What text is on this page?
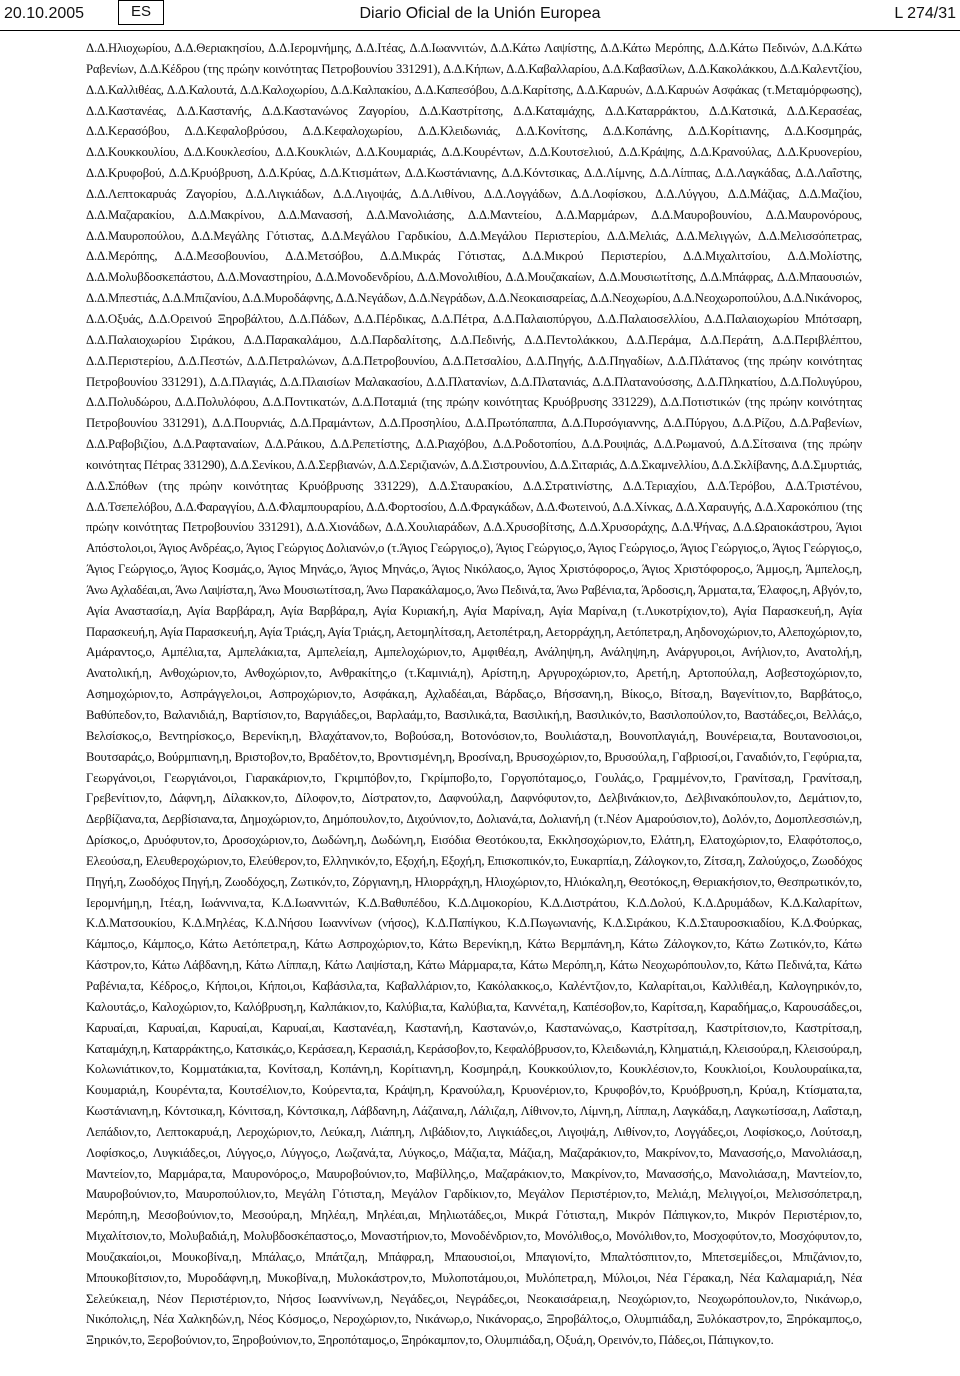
20.10.2005	ES	Diario Oficial de la Unión Europea	L 274/31
Δ.Δ.Ηλιοχωρίου, Δ.Δ.Θεριακησίου, Δ.Δ.Ιερομνήμης, Δ.Δ.Ιτέας, Δ.Δ.Ιωαννιτών, Δ.Δ.Κάτω Λαψίστης, Δ.Δ.Κάτω Μερόπης, Δ.Δ.Κάτω Πεδινών, Δ.Δ.Κάτω Ραβενίων, Δ.Δ.Κέδρου (της πρώην κοινότητας Πετροβουνίου 331291), Δ.Δ.Κήπων, Δ.Δ.Καβαλλαρίου, Δ.Δ.Καβασίλων, Δ.Δ.Κακολάκκου, Δ.Δ.Καλεντζίου, Δ.Δ.Καλλιθέας, Δ.Δ.Καλουτά, Δ.Δ.Καλοχωρίου, Δ.Δ.Καλπακίου, Δ.Δ.Καπεσόβου, Δ.Δ.Καρίτσης, Δ.Δ.Καρυών, Δ.Δ.Καρυών Ασφάκας (τ.Μεταμόρφωσης), Δ.Δ.Καστανέας, Δ.Δ.Καστανής, Δ.Δ.Καστανώνος Ζαγορίου, Δ.Δ.Καστρίτσης, Δ.Δ.Καταμάχης, Δ.Δ.Καταρράκτου, Δ.Δ.Κατσικά, Δ.Δ.Κερασέας, Δ.Δ.Κερασόβου, Δ.Δ.Κεφαλοβρύσου, Δ.Δ.Κεφαλοχωρίου, Δ.Δ.Κλειδωνιάς, Δ.Δ.Κονίτσης, Δ.Δ.Κοπάνης, Δ.Δ.Κορίτιανης, Δ.Δ.Κοσμηράς, Δ.Δ.Κουκκουλίου, Δ.Δ.Κουκλεσίου, Δ.Δ.Κουκλιών, Δ.Δ.Κουμαριάς, Δ.Δ.Κουρέντων, Δ.Δ.Κουτσελιού, Δ.Δ.Κράψης, Δ.Δ.Κρανούλας, Δ.Δ.Κρυονερίου, Δ.Δ.Κρυφοβού, Δ.Δ.Κρυόβρυση, Δ.Δ.Κρύας, Δ.Δ.Κτισμάτων, Δ.Δ.Κωστάνιανης, Δ.Δ.Κόντσικας, Δ.Δ.Λίμνης, Δ.Δ.Λίππας, Δ.Δ.Λαγκάδας, Δ.Δ.Λαΐστης, Δ.Δ.Λεπτοκαρυάς Ζαγορίου, Δ.Δ.Λιγκιάδων, Δ.Δ.Λιγοψάς, Δ.Δ.Λιθίνου, Δ.Δ.Λογγάδων, Δ.Δ.Λοφίσκου, Δ.Δ.Λύγγου, Δ.Δ.Μάζιας, Δ.Δ.Μαζίου, Δ.Δ.Μαζαρακίου, Δ.Δ.Μακρίνου, Δ.Δ.Μανασσή, Δ.Δ.Μανολιάσης, Δ.Δ.Μαντείου, Δ.Δ.Μαρμάρων, Δ.Δ.Μαυροβουνίου, Δ.Δ.Μαυρονόρους, Δ.Δ.Μαυροπούλου, Δ.Δ.Μεγάλης Γότιστας, Δ.Δ.Μεγάλου Γαρδικίου, Δ.Δ.Μεγάλου Περιστερίου, Δ.Δ.Μελιάς, Δ.Δ.Μελιγγών, Δ.Δ.Μελισσόπετρας, Δ.Δ.Μερόπης, Δ.Δ.Μεσοβουνίου, Δ.Δ.Μετσόβου, Δ.Δ.Μικράς Γότιστας, Δ.Δ.Μικρού Περιστερίου, Δ.Δ.Μιχαλιτσίου, Δ.Δ.Μολίστης, Δ.Δ.Μολυβδοσκεπάστου, Δ.Δ.Μοναστηρίου, Δ.Δ.Μονοδενδρίου, Δ.Δ.Μονολιθίου, Δ.Δ.Μουζακαίων, Δ.Δ.Μουσιωτίτσης, Δ.Δ.Μπάφρας, Δ.Δ.Μπαουσιών, Δ.Δ.Μπεστιάς, Δ.Δ.Μπιζανίου, Δ.Δ.Μυροδάφνης, Δ.Δ.Νεγάδων, Δ.Δ.Νεγράδων, Δ.Δ.Νεοκαισαρείας, Δ.Δ.Νεοχωρίου, Δ.Δ.Νεοχωροπούλου, Δ.Δ.Νικάνορος, Δ.Δ.Οξυάς, Δ.Δ.Ορεινού Ξηροβάλτου, Δ.Δ.Πάδων, Δ.Δ.Πέρδικας, Δ.Δ.Πέτρα, Δ.Δ.Παλαιοπύργου, Δ.Δ.Παλαιοσελλίου, Δ.Δ.Παλαιοχωρίου Μπότσαρη, Δ.Δ.Παλαιοχωρίου Σιράκου, Δ.Δ.Παρακαλάμου, Δ.Δ.Παρδαλίτσης, Δ.Δ.Πεδινής, Δ.Δ.Πεντολάκκου, Δ.Δ.Περάμα, Δ.Δ.Περάτη, Δ.Δ.Περιβλέπτου, Δ.Δ.Περιστερίου, Δ.Δ.Πεστών, Δ.Δ.Πετραλώνων, Δ.Δ.Πετροβουνίου, Δ.Δ.Πετσαλίου, Δ.Δ.Πηγής, Δ.Δ.Πηγαδίων, Δ.Δ.Πλάτανος (της πρώην κοινότητας Πετροβουνίου 331291), Δ.Δ.Πλαγιάς, Δ.Δ.Πλαισίων Μαλακασίου, Δ.Δ.Πλατανίων, Δ.Δ.Πλατανιάς, Δ.Δ.Πλατανούσσης, Δ.Δ.Πληκατίου, Δ.Δ.Πολυγύρου, Δ.Δ.Πολυδώρου, Δ.Δ.Πολυλόφου, Δ.Δ.Ποντικατών, Δ.Δ.Ποταμιά (της πρώην κοινότητας Κρυόβρυσης 331229), Δ.Δ.Ποτιστικών (της πρώην κοινότητας Πετροβουνίου 331291), Δ.Δ.Πουρνιάς, Δ.Δ.Πραμάντων, Δ.Δ.Προσηλίου, Δ.Δ.Πρωτόπαππα, Δ.Δ.Πυρσόγιαννης, Δ.Δ.Πύργου, Δ.Δ.Ρίζου, Δ.Δ.Ραβενίων, Δ.Δ.Ραβοβιζίου, Δ.Δ.Ραφταναίων, Δ.Δ.Ράικου, Δ.Δ.Ρεπετίστης, Δ.Δ.Ριαχόβου, Δ.Δ.Ροδοτοπίου, Δ.Δ.Ρουψιάς, Δ.Δ.Ρωμανού, Δ.Δ.Σίτσαινα (της πρώην κοινότητας Πέτρας 331290), Δ.Δ.Σενίκου, Δ.Δ.Σερβιανών, Δ.Δ.Σεριζιανών, Δ.Δ.Σιστρουνίου, Δ.Δ.Σιταριάς, Δ.Δ.Σκαμνελλίου, Δ.Δ.Σκλίβανης, Δ.Δ.Σμυρτιάς, Δ.Δ.Σπόθων (της πρώην κοινότητας Κρυόβρυσης 331229), Δ.Δ.Σταυρακίου, Δ.Δ.Στρατινίστης, Δ.Δ.Τεριαχίου, Δ.Δ.Τερόβου, Δ.Δ.Τριστένου, Δ.Δ.Τσεπελόβου, Δ.Δ.Φαραγγίου, Δ.Δ.Φλαμπουραρίου, Δ.Δ.Φορτοσίου, Δ.Δ.Φραγκάδων, Δ.Δ.Φωτεινού, Δ.Δ.Χίνκας, Δ.Δ.Χαραυγής, Δ.Δ.Χαροκόπιου (της πρώην κοινότητας Πετροβουνίου 331291), Δ.Δ.Χιονάδων, Δ.Δ.Χουλιαράδων, Δ.Δ.Χρυσοβίτσης, Δ.Δ.Χρυσοράχης, Δ.Δ.Ψήνας, Δ.Δ.Ωραιοκάστρου, Άγιοι Απόστολοι,οι, Άγιος Ανδρέας,ο, Άγιος Γεώργιος Δολιανών,ο (τ.Άγιος Γεώργιος,ο), Άγιος Γεώργιος,ο, Άγιος Γεώργιος,ο, Άγιος Γεώργιος,ο, Άγιος Γεώργιος,ο, Άγιος Γεώργιος,ο, Άγιος Κοσμάς,ο, Άγιος Μηνάς,ο, Άγιος Μηνάς,ο, Άγιος Νικόλαος,ο, Άγιος Χριστόφορος,ο, Άγιος Χριστόφορος,ο, Άμμος,η, Άμπελος,η, Άνω Αχλαδέαι,αι, Άνω Λαψίστα,η, Άνω Μουσιωτίτσα,η, Άνω Παρακάλαμος,ο, Άνω Πεδινά,τα, Άνω Ραβένια,τα, Άρδοσις,η, Άρματα,τα, Έλαφος,η, Αβγόν,το, Αγία Αναστασία,η, Αγία Βαρβάρα,η, Αγία Βαρβάρα,η, Αγία Κυριακή,η, Αγία Μαρίνα,η, Αγία Μαρίνα,η (τ.Λυκοτρίχιον,το), Αγία Παρασκευή,η, Αγία Παρασκευή,η, Αγία Παρασκευή,η, Αγία Τριάς,η, Αγία Τριάς,η, Αετομηλίτσα,η, Αετοπέτρα,η, Αετορράχη,η, Αετόπετρα,η, Αηδονοχώριον,το, Αλεποχώριον,το, Αμάραντος,ο, Αμπέλια,τα, Αμπελάκια,τα, Αμπελεία,η, Αμπελοχώριον,το, Αμφιθέα,η, Ανάληψη,η, Ανάληψη,η, Ανάργυροι,οι, Ανήλιον,το, Ανατολή,η, Ανατολική,η, Ανθοχώριον,το, Ανθοχώριον,το, Ανθρακίτης,ο (τ.Καμινιά,η), Αρίστη,η, Αργυροχώριον,το, Αρετή,η, Αρτοπούλα,η, Ασβεστοχώριον,το, Ασημοχώριον,το, Ασπράγγελοι,οι, Ασπροχώριον,το, Ασφάκα,η, Αχλαδέαι,αι, Βάρδας,ο, Βήσσανη,η, Βίκος,ο, Βίτσα,η, Βαγενίτιον,το, Βαρβάτος,ο, Βαθύπεδον,το, Βαλανιδιά,η, Βαρτίσιον,το, Βαργιάδες,οι, Βαρλαάμ,το, Βασιλικά,τα, Βασιλική,η, Βασιλικόν,το, Βασιλοπούλον,το, Βαστάδες,οι, Βελλάς,ο, Βελσίσκος,ο, Βεντηρίσκος,ο, Βερενίκη,η, Βλαχάτανον,το, Βοβούσα,η, Βοτονόσιον,το, Βουλιάστα,η, Βουνοπλαγιά,η, Βουνέρεια,τα, Βουτανοσιοι,οι, Βουτσαράς,ο, Βούρμπιανη,η, Βριστοβον,το, Βραδέτον,το, Βροντισμένη,η, Βροσίνα,η, Βρυσοχώριον,το, Βρυσούλα,η, Γαβριοσί,οι, Γαναδιόν,το, Γεφύρια,τα, Γεωργάνοι,οι, Γεωργιάνοι,οι, Γιαρακάριον,το, Γκριμπόβον,το, Γκρίμποβο,το, Γοργοπόταμος,ο, Γουλάς,ο, Γραμμένον,το, Γρανίτσα,η, Γρανίτσα,η, Γρεβενίτιον,το, Δάφνη,η, Δίλακκον,το, Δίλοφον,το, Δίστρατον,το, Δαφνούλα,η, Δαφνόφυτον,το, Δελβινάκιον,το, Δελβινακόπουλον,το, Δεμάτιον,το, Δερβίζιανα,τα, Δερβίσιανα,τα, Δημοχώριον,το, Δημόπουλον,το, Διχούνιον,το, Δολιανά,τα, Δολιανή,η (τ.Νέον Αμαρούσιον,το), Δολόν,το, Δομοπλεσσιών,η, Δρίσκος,ο, Δρυόφυτον,το, Δροσοχώριον,το, Δωδώνη,η, Δωδώνη,η, Εισόδια Θεοτόκου,τα, Εκκλησοχώριον,το, Ελάτη,η, Ελατοχώριον,το, Ελαφότοπος,ο, Ελεούσα,η, Ελευθεροχώριον,το, Ελεύθερον,το, Ελληνικόν,το, Εξοχή,η, Εξοχή,η, Επισκοπικόν,το, Ευκαρπία,η, Ζάλογκον,το, Ζίτσα,η, Ζαλούχος,ο, Ζωοδόχος Πηγή,η, Ζωοδόχος Πηγή,η, Ζωοδόχος,η, Ζωτικόν,το, Ζόργιανη,η, Ηλιορράχη,η, Ηλιοχώριον,το, Ηλιόκαλη,η, Θεοτόκος,η, Θεριακήσιον,το, Θεσπρωτικόν,το, Ιερομνήμη,η, Ιτέα,η, Ιωάννινα,τα, Κ.Δ.Ιωαννιτών, Κ.Δ.Βαθυπέδου, Κ.Δ.Διμοκορίου, Κ.Δ.Διστράτου, Κ.Δ.Δολού, Κ.Δ.Δρυμάδων, Κ.Δ.Καλαρίτων, Κ.Δ.Ματσουκίου, Κ.Δ.Μηλέας, Κ.Δ.Νήσου Ιωαννίνων (νήσος), Κ.Δ.Παπίγκου, Κ.Δ.Πωγωνιανής, Κ.Δ.Σιράκου, Κ.Δ.Σταυροσκιαδίου, Κ.Δ.Φούρκας, Κάμπος,ο, Κάμπος,ο, Κάτω Αετόπετρα,η, Κάτω Ασπροχώριον,το, Κάτω Βερενίκη,η, Κάτω Βερμπάνη,η, Κάτω Ζάλογκον,το, Κάτω Ζωτικόν,το, Κάτω Κάστρον,το, Κάτω Λάβδανη,η, Κάτω Λίππα,η, Κάτω Λαψίστα,η, Κάτω Μάρμαρα,τα, Κάτω Μερόπη,η, Κάτω Νεοχωρόπουλον,το, Κάτω Πεδινά,τα, Κάτω Ραβένια,τα, Κέδρος,ο, Κήποι,οι, Κήποι,οι, Καβάσιλα,τα, Καβαλλάριον,το, Κακόλακκος,ο, Καλέντζιον,το, Καλαρίται,οι, Καλλιθέα,η, Καλογηρικόν,το, Καλουτάς,ο, Καλοχώριον,το, Καλόβρυση,η, Καλπάκιον,το, Καλύβια,τα, Καλύβια,τα, Καννέτα,η, Καπέσοβον,το, Καρίτσα,η, Καραδήμας,ο, Καρουσάδες,οι, Καρυαί,αι, Καρυαί,αι, Καρυαί,αι, Καρυαί,αι, Καστανέα,η, Καστανή,η, Καστανών,ο, Καστανώνας,ο, Καστρίτσα,η, Καστρίτσιον,το, Καστρίτσα,η, Καταμάχη,η, Καταρράκτης,ο, Κατσικάς,ο, Κεράσεα,η, Κερασιά,η, Κεράσοβον,το, Κεφαλόβρυσον,το, Κλειδωνιά,η, Κληματιά,η, Κλεισούρα,η, Κλεισούρα,η, Κολωνιάτικον,το, Κομματάκια,τα, Κονίτσα,η, Κοπάνη,η, Κορίτιανη,η, Κοσμηρά,η, Κουκκούλιον,το, Κουκλέσιον,το, Κουκλιοί,οι, Κουλουραίικα,τα, Κουμαριά,η, Κουρέντα,τα, Κουτσέλιον,το, Κούρεντα,τα, Κράψη,η, Κρανούλα,η, Κρυονέριον,το, Κρυφοβόν,το, Κρυόβρυση,η, Κρύα,η, Κτίσματα,τα, Κωστάνιανη,η, Κόντσικα,η, Κόνιτσα,η, Κόντσικα,η, Λάβδανη,η, Λάζαινα,η, Λάλιζα,η, Λίθινον,το, Λίμνη,η, Λίππα,η, Λαγκάδα,η, Λαγκωτίσσα,η, Λαΐστα,η, Λεπάδιον,το, Λεπτοκαρυά,η, Λεροχώριον,το, Λεύκα,η, Λιάπη,η, Λιβάδιον,το, Λιγκιάδες,οι, Λιγοψά,η, Λιθίνον,το, Λογγάδες,οι, Λοφίσκος,ο, Λούτσα,η, Λοφίσκος,ο, Λυγκιάδες,οι, Λύγγος,ο, Λύγγος,ο, Λωζανά,τα, Λύγκος,ο, Μάζια,τα, Μάζια,η, Μαζαράκιον,το, Μακρίνον,το, Μανασσής,ο, Μανολιάσα,η, Μαντείον,το, Μαρμάρα,τα, Μαυρονόρος,ο, Μαυροβούνιον,το, Μαβίλλης,ο, Μαζαράκιον,το, Μακρίνον,το, Μανασσής,ο, Μανολιάσα,η, Μαντείον,το, Μαυροβούνιον,το, Μαυροπούλιον,το, Μεγάλη Γότιστα,η, Μεγάλον Γαρδίκιον,το, Μεγάλον Περιστέριον,το, Μελιά,η, Μελιγγοί,οι, Μελισσόπετρα,η, Μερόπη,η, Μεσοβούνιον,το, Μεσούρα,η, Μηλέα,η, Μηλέαι,αι, Μηλιωτάδες,οι, Μικρά Γότιστα,η, Μικρόν Πάπιγκον,το, Μικρόν Περιστέριον,το, Μιχαλίτσιον,το, Μολυβαδιά,η, Μολυβδοσκέπαστος,ο, Μοναστήριον,το, Μονοδένδριον,το, Μονόλιθος,ο, Μονόλιθον,το, Μοσχοφύτον,το, Μοσχόφυτον,το, Μουζακαίοι,οι, Μουκοβίνα,η, Μπάλας,ο, Μπάτζα,η, Μπάφρα,η, Μπαουσιοί,οι, Μπαγιονί,το, Μπαλτόσπιτον,το, Μπετσεμίδες,οι, Μπιζάνιον,το, Μπουκοβίτσιον,το, Μυροδάφνη,η, Μυκοβίνα,η, Μυλοκάστρον,το, Μυλοποτάμου,οι, Μυλόπετρα,η, Μύλοι,οι, Νέα Γέρακα,η, Νέα Καλαμαριά,η, Νέα Σελεύκεια,η, Νέον Περιστέριον,το, Νήσος Ιωαννίνων,η, Νεγάδες,οι, Νεγράδες,οι, Νεοκαισάρεια,η, Νεοχώριον,το, Νεοχωρόπουλον,το, Νικάνωρ,ο, Νικόπολις,η, Νέα Χαλκηδών,η, Νέος Κόσμος,ο, Νεροχώριον,το, Νικάνωρ,ο, Νικάνορας,ο, Ξηροβάλτος,ο, Ολυμπιάδα,η, Ξυλόκαστρον,το, Ξηρόκαμπος,ο, Ξηρικόν,το, Ξεροβούνιον,το, Ξηροβούνιον,το, Ξηροπόταμος,ο, Ξηρόκαμπον,το, Ολυμπιάδα,η, Οξυά,η, Ορεινόν,το, Πάδες,οι, Πάπιγκον,το.
